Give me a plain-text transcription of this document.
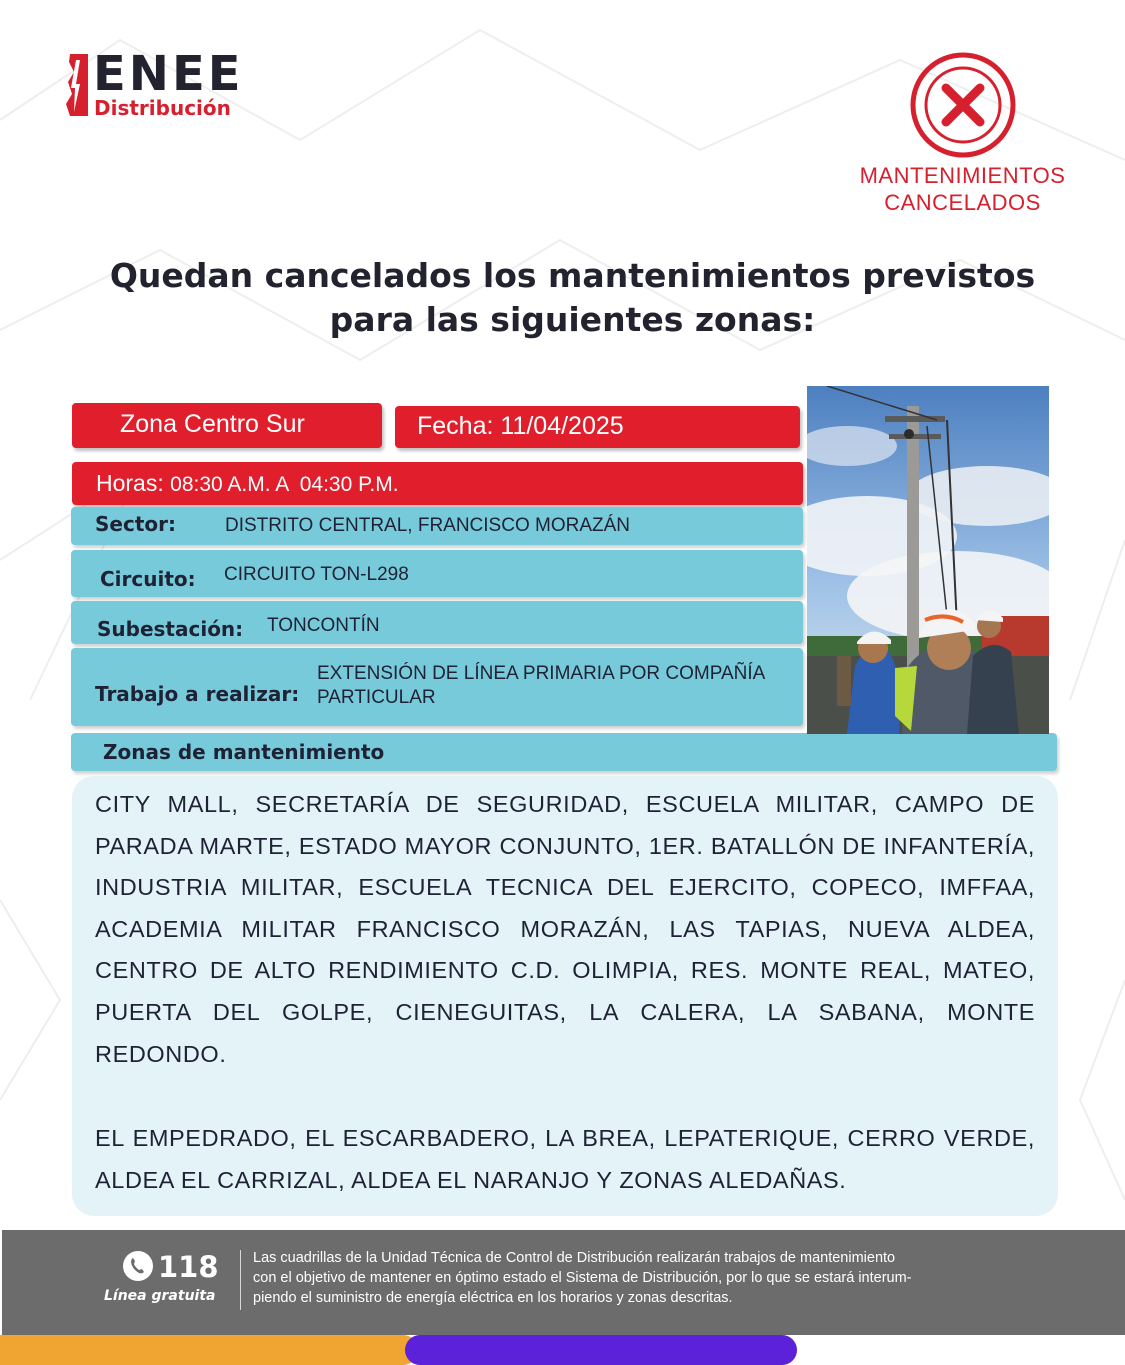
ENEE
Distribución
MANTENIMIENTOS
CANCELADOS
Quedan cancelados los mantenimientos previstos
para las siguientes zonas:
Zona Centro Sur	Fecha: 11/04/2025
Horas: 08:30 A.M. A  04:30 P.M.
Sector:	DISTRITO CENTRAL, FRANCISCO MORAZÁN
Circuito: CIRCUITO TON-L298
Subestación: TONCONTÍN
Trabajo a realizar:
EXTENSIÓN DE LÍNEA PRIMARIA POR COMPAÑÍA
PARTICULAR
Zonas de mantenimiento

CITY MALL, SECRETARÍA DE SEGURIDAD, ESCUELA MILITAR, CAMPO DE PARADA MARTE, ESTADO MAYOR CONJUNTO, 1ER. BATALLÓN DE INFANTERÍA, INDUSTRIA MILITAR, ESCUELA TECNICA DEL EJERCITO, COPECO, IMFFAA, ACADEMIA MILITAR FRANCISCO MORAZÁN, LAS TAPIAS, NUEVA ALDEA, CENTRO DE ALTO RENDIMIENTO C.D. OLIMPIA, RES. MONTE REAL, MATEO, PUERTA DEL GOLPE, CIENEGUITAS, LA CALERA, LA SABANA, MONTE REDONDO.

EL EMPEDRADO, EL ESCARBADERO, LA BREA, LEPATERIQUE, CERRO VERDE, ALDEA EL CARRIZAL, ALDEA EL NARANJO Y ZONAS ALEDAÑAS.

118
Línea gratuita
Las cuadrillas de la Unidad Técnica de Control de Distribución realizarán trabajos de mantenimiento
con el objetivo de mantener en óptimo estado el Sistema de Distribución, por lo que se estará interum-
piendo el suministro de energía eléctrica en los horarios y zonas descritas.
